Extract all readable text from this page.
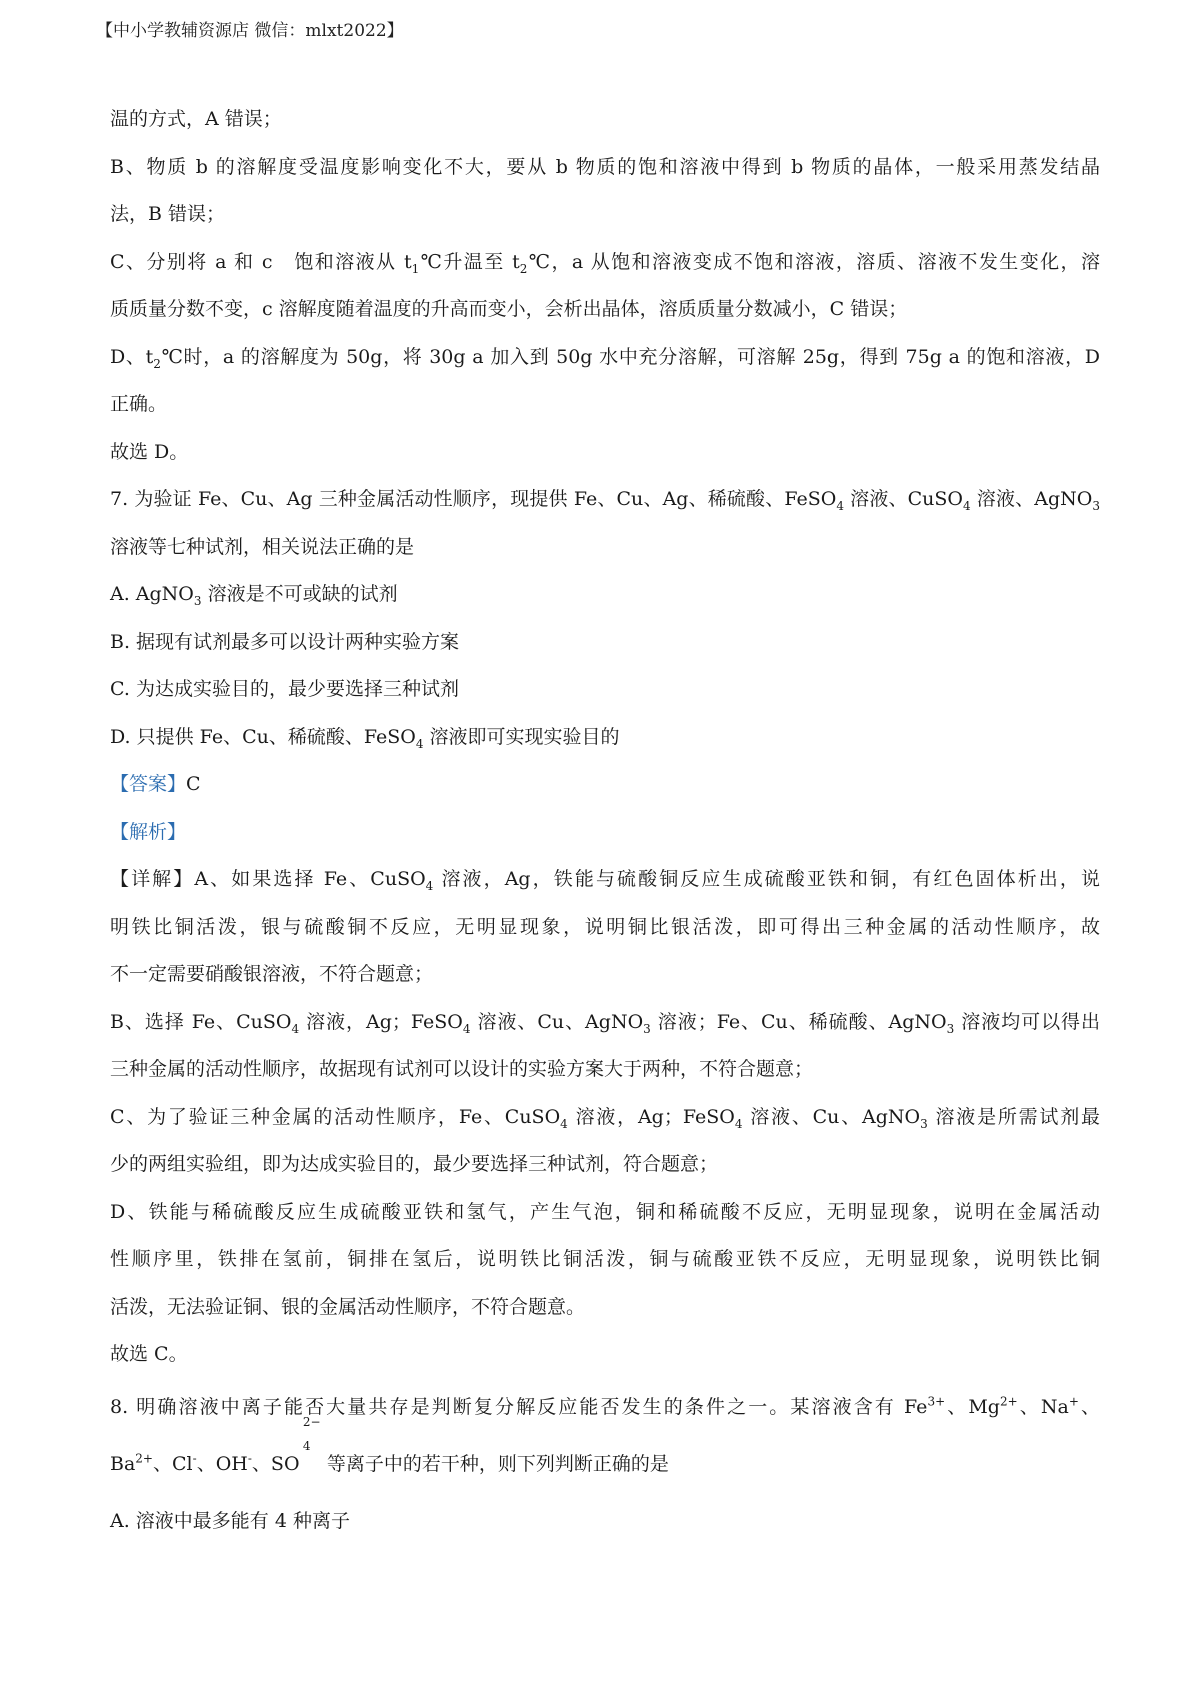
【中小学教辅资源店 微信：mlxt2022】
温的方式，A 错误；
B、物质 b 的溶解度受温度影响变化不大，要从 b 物质的饱和溶液中得到 b 物质的晶体，一般采用蒸发结晶
法，B 错误；
C、分别将 a 和 c　饱和溶液从 $t_1℃$升温至 $t_2℃$，a 从饱和溶液变成不饱和溶液，溶质、溶液不发生变化，溶
质质量分数不变，c 溶解度随着温度的升高而变小，会析出晶体，溶质质量分数减小，C 错误；
D、$t_2℃$时，a 的溶解度为 50g，将 30g a 加入到 50g 水中充分溶解，可溶解 25g，得到 75g a 的饱和溶液，D
正确。
故选 D。
7. 为验证 Fe、Cu、Ag 三种金属活动性顺序，现提供 Fe、Cu、Ag、稀硫酸、FeSO$_4$ 溶液、CuSO$_4$ 溶液、AgNO$_3$
溶液等七种试剂，相关说法正确的是
A. AgNO$_3$ 溶液是不可或缺的试剂
B. 据现有试剂最多可以设计两种实验方案
C. 为达成实验目的，最少要选择三种试剂
D. 只提供 Fe、Cu、稀硫酸、FeSO$_4$ 溶液即可实现实验目的
【答案】C
【解析】
【详解】A、如果选择 Fe、CuSO$_4$ 溶液，Ag，铁能与硫酸铜反应生成硫酸亚铁和铜，有红色固体析出，说
明铁比铜活泼，银与硫酸铜不反应，无明显现象，说明铜比银活泼，即可得出三种金属的活动性顺序，故
不一定需要硝酸银溶液，不符合题意；
B、选择 Fe、CuSO$_4$ 溶液，Ag；FeSO$_4$ 溶液、Cu、AgNO$_3$ 溶液；Fe、Cu、稀硫酸、AgNO$_3$ 溶液均可以得出
三种金属的活动性顺序，故据现有试剂可以设计的实验方案大于两种，不符合题意；
C、为了验证三种金属的活动性顺序，Fe、CuSO$_4$ 溶液，Ag；FeSO$_4$ 溶液、Cu、AgNO$_3$ 溶液是所需试剂最
少的两组实验组，即为达成实验目的，最少要选择三种试剂，符合题意；
D、铁能与稀硫酸反应生成硫酸亚铁和氢气，产生气泡，铜和稀硫酸不反应，无明显现象，说明在金属活动
性顺序里，铁排在氢前，铜排在氢后，说明铁比铜活泼，铜与硫酸亚铁不反应，无明显现象，说明铁比铜
活泼，无法验证铜、银的金属活动性顺序，不符合题意。
故选 C。
8. 明确溶液中离子能否大量共存是判断复分解反应能否发生的条件之一。某溶液含有 $Fe^{3+}$、$Mg^{2+}$、Na+、
$Ba^{2+}$、Cl-、OH-、SO
2−
4
等离子中的若干种，则下列判断正确的是
A. 溶液中最多能有 4 种离子
